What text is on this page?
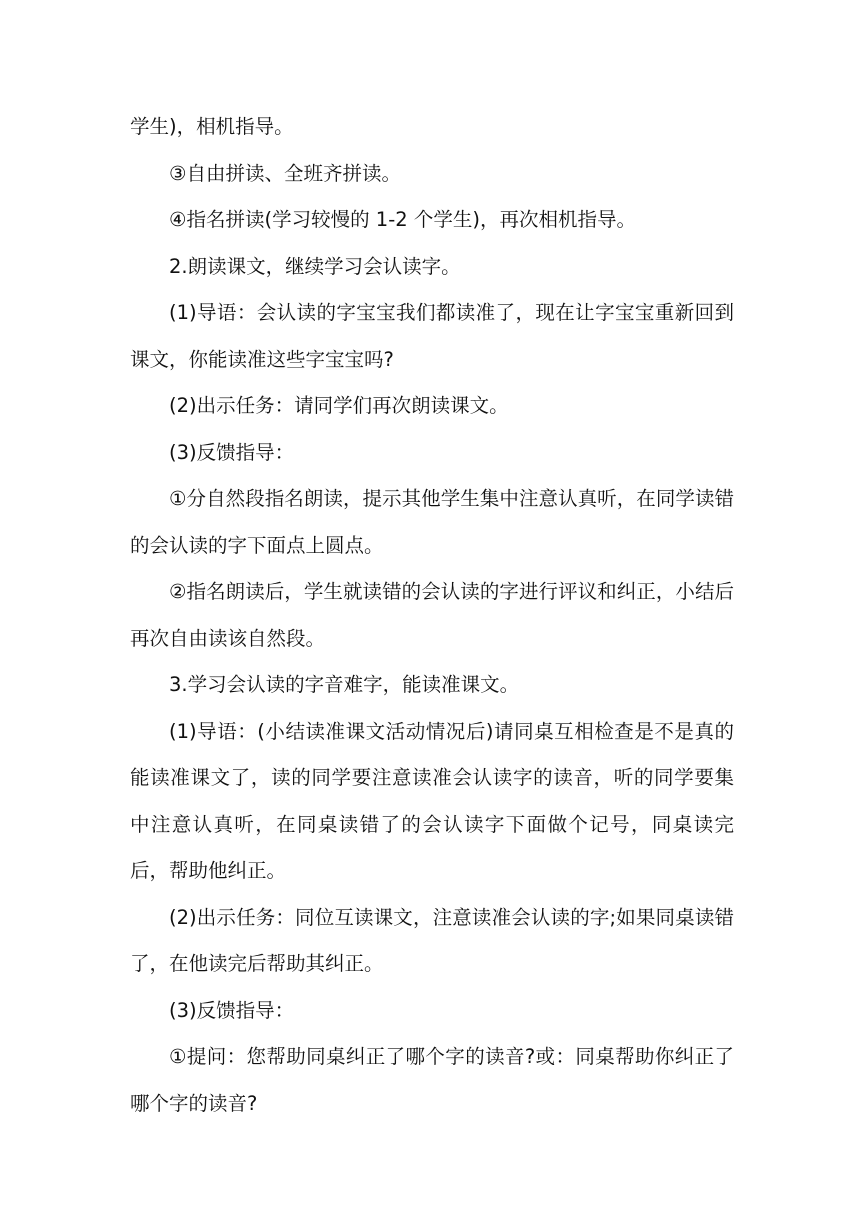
学生)，相机指导。

③自由拼读、全班齐拼读。

④指名拼读(学习较慢的 1-2 个学生)，再次相机指导。

2.朗读课文，继续学习会认读字。

(1)导语：会认读的字宝宝我们都读准了，现在让字宝宝重新回到课文，你能读准这些字宝宝吗?

(2)出示任务：请同学们再次朗读课文。

(3)反馈指导：

①分自然段指名朗读，提示其他学生集中注意认真听，在同学读错的会认读的字下面点上圆点。

②指名朗读后，学生就读错的会认读的字进行评议和纠正，小结后再次自由读该自然段。

3.学习会认读的字音难字，能读准课文。

(1)导语：(小结读准课文活动情况后)请同桌互相检查是不是真的能读准课文了，读的同学要注意读准会认读字的读音，听的同学要集中注意认真听，在同桌读错了的会认读字下面做个记号，同桌读完后，帮助他纠正。

(2)出示任务：同位互读课文，注意读准会认读的字;如果同桌读错了，在他读完后帮助其纠正。

(3)反馈指导：

①提问：您帮助同桌纠正了哪个字的读音?或：同桌帮助你纠正了哪个字的读音?
